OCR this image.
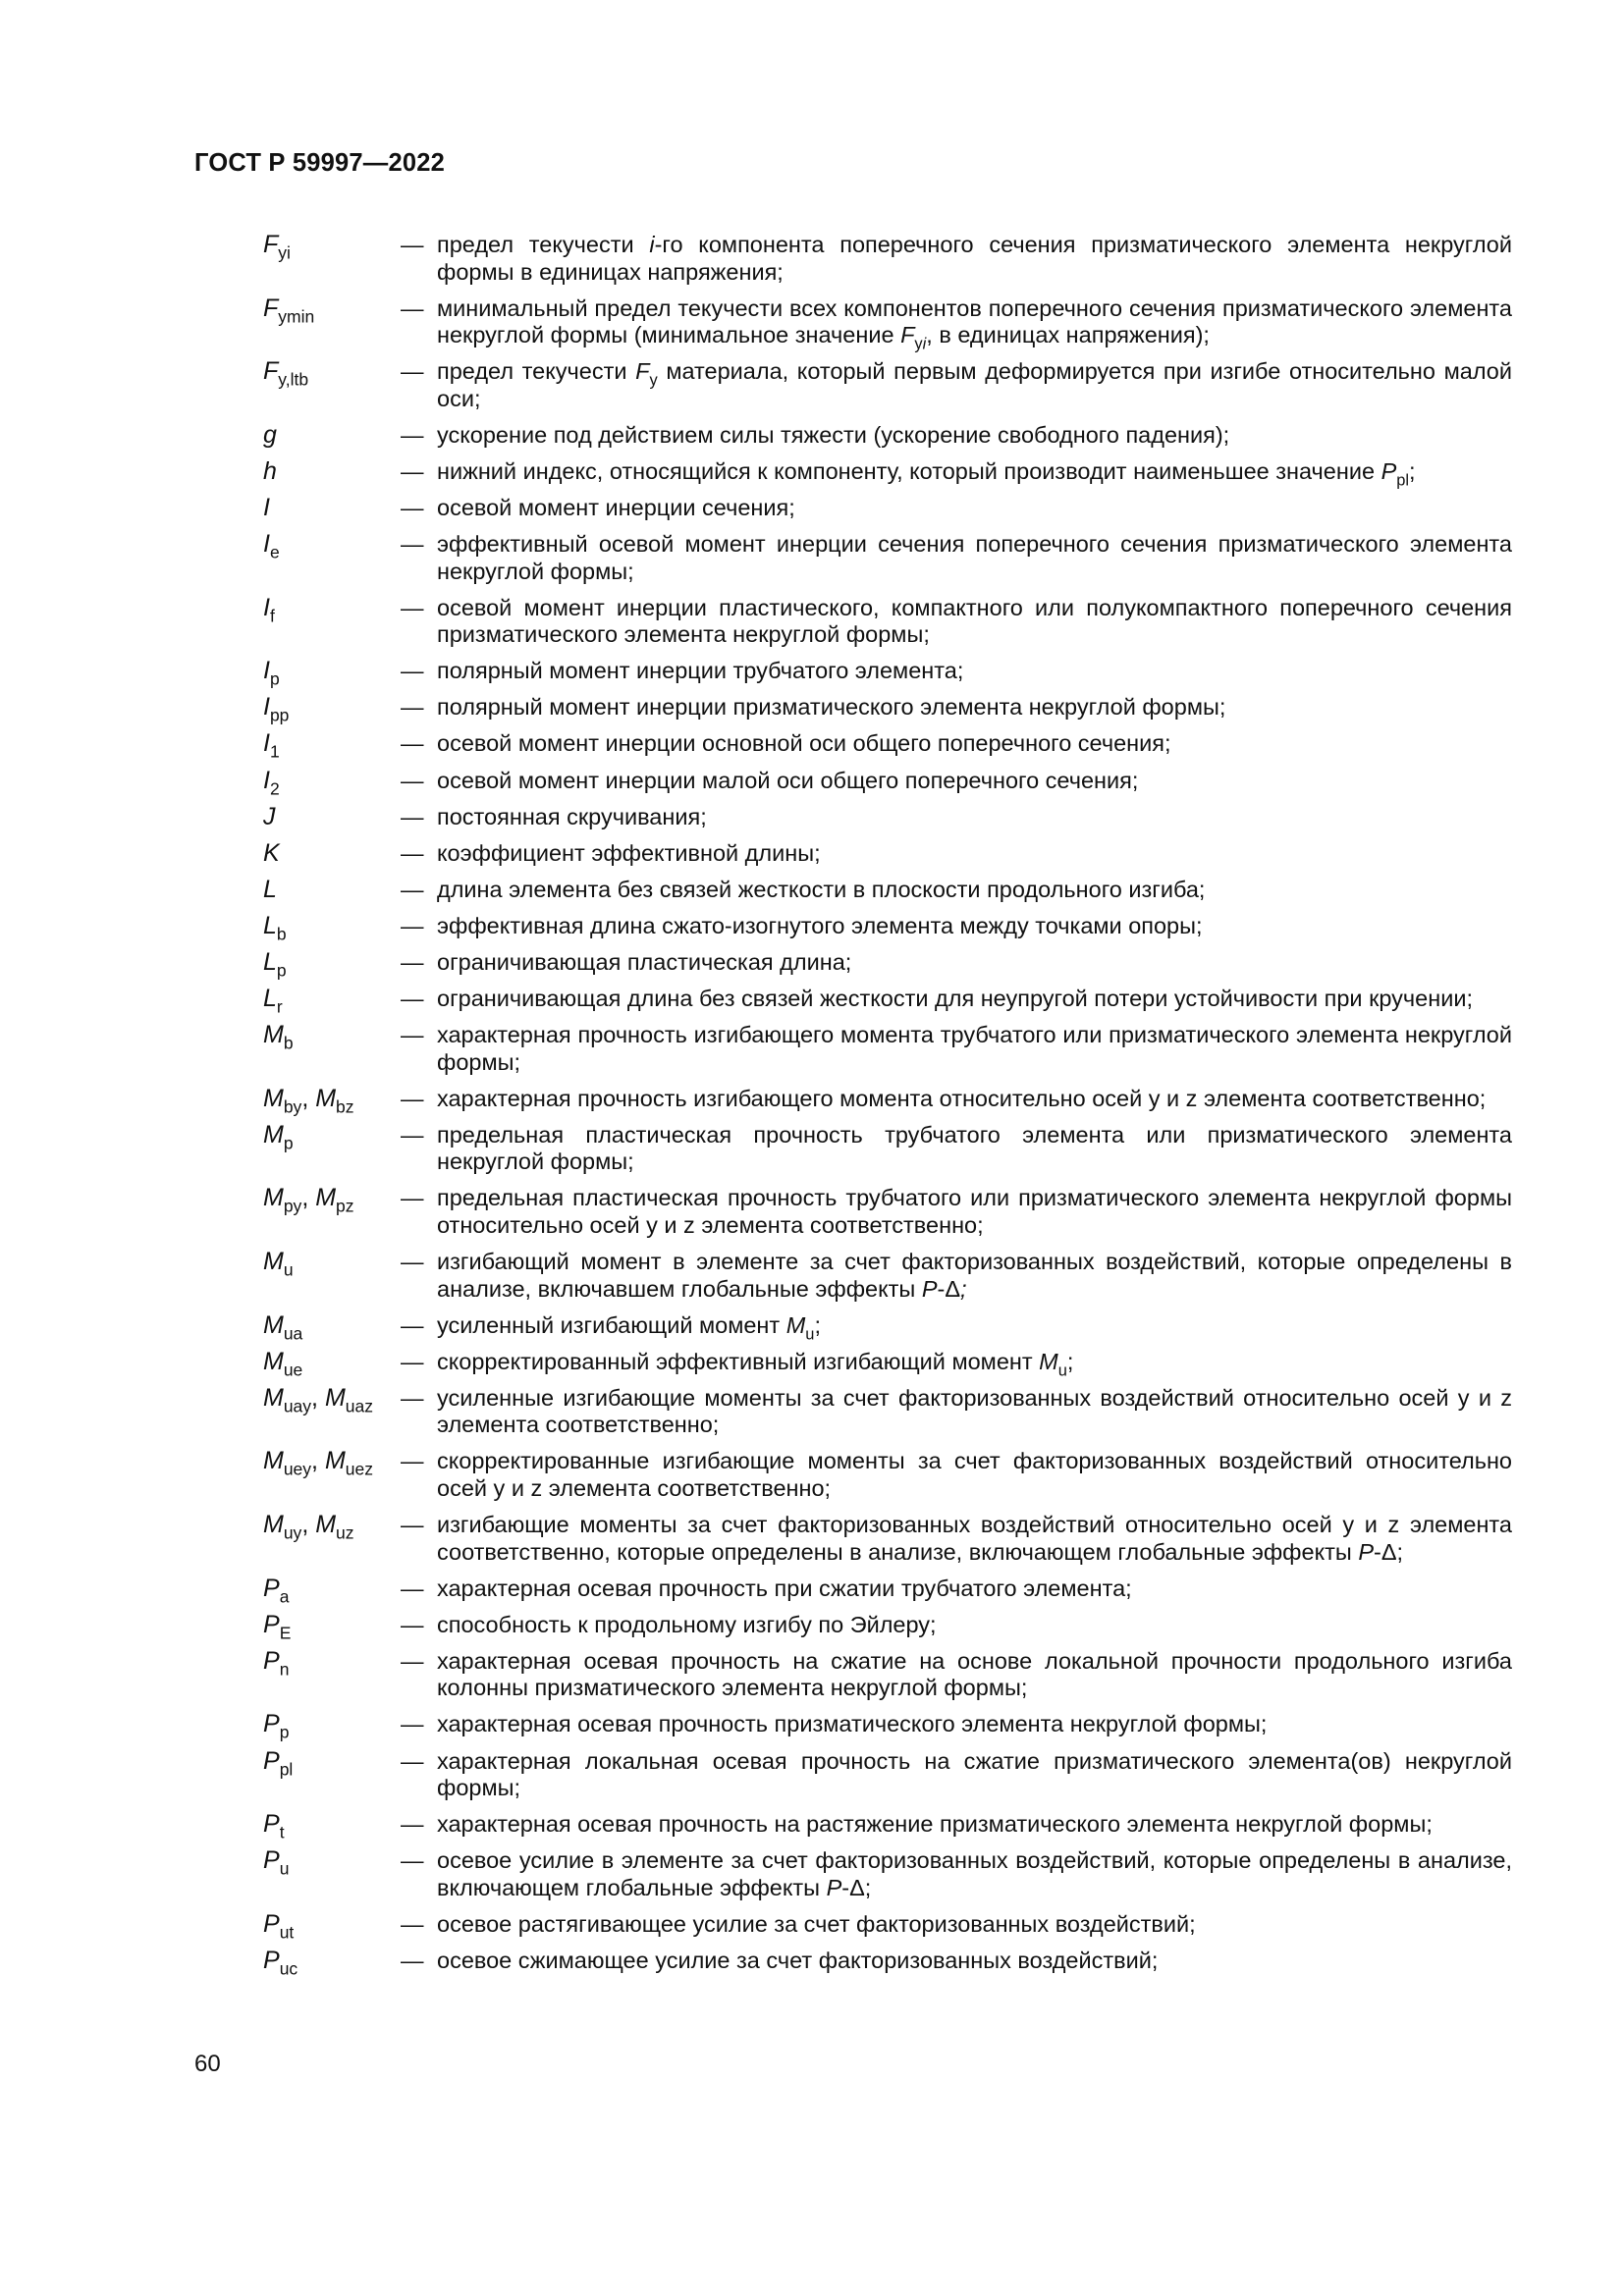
ГОСТ Р 59997—2022
$F_{yi}$	— предел текучести i-го компонента поперечного сечения призматического элемента некруглой формы в единицах напряжения;
$F_{ymin}$	— минимальный предел текучести всех компонентов поперечного сечения призматического элемента некруглой формы (минимальное значение $F_{yi}$, в единицах напряжения);
$F_{y,ltb}$	— предел текучести $F_y$ материала, который первым деформируется при изгибе относительно малой оси;
g	— ускорение под действием силы тяжести (ускорение свободного падения);
h	— нижний индекс, относящийся к компоненту, который производит наименьшее значение $P_{pl}$;
I	— осевой момент инерции сечения;
$I_e$	— эффективный осевой момент инерции сечения поперечного сечения призматического элемента некруглой формы;
$I_f$	— осевой момент инерции пластического, компактного или полукомпактного поперечного сечения призматического элемента некруглой формы;
$I_p$	— полярный момент инерции трубчатого элемента;
$I_{pp}$	— полярный момент инерции призматического элемента некруглой формы;
$I_1$	— осевой момент инерции основной оси общего поперечного сечения;
$I_2$	— осевой момент инерции малой оси общего поперечного сечения;
J	— постоянная скручивания;
K	— коэффициент эффективной длины;
L	— длина элемента без связей жесткости в плоскости продольного изгиба;
$L_b$	— эффективная длина сжато-изогнутого элемента между точками опоры;
$L_p$	— ограничивающая пластическая длина;
$L_r$	— ограничивающая длина без связей жесткости для неупругой потери устойчивости при кручении;
$M_b$	— характерная прочность изгибающего момента трубчатого или призматического элемента некруглой формы;
$M_{by}$, $M_{bz}$ — характерная прочность изгибающего момента относительно осей y и z элемента соответственно;
$M_p$	— предельная пластическая прочность трубчатого элемента или призматического элемента некруглой формы;
$M_{py}$, $M_{pz}$ — предельная пластическая прочность трубчатого или призматического элемента некруглой формы относительно осей y и z элемента соответственно;
$M_u$	— изгибающий момент в элементе за счет факторизованных воздействий, которые определены в анализе, включавшем глобальные эффекты P-Δ;
$M_{ua}$	— усиленный изгибающий момент $M_u$;
$M_{ue}$	— скорректированный эффективный изгибающий момент $M_u$;
$M_{uay}$, $M_{uaz}$ — усиленные изгибающие моменты за счет факторизованных воздействий относительно осей y и z элемента соответственно;
$M_{uey}$, $M_{uez}$ — скорректированные изгибающие моменты за счет факторизованных воздействий относительно осей y и z элемента соответственно;
$M_{uy}$, $M_{uz}$ — изгибающие моменты за счет факторизованных воздействий относительно осей y и z элемента соответственно, которые определены в анализе, включающем глобальные эффекты P-Δ;
$P_a$	— характерная осевая прочность при сжатии трубчатого элемента;
$P_E$	— способность к продольному изгибу по Эйлеру;
$P_n$	— характерная осевая прочность на сжатие на основе локальной прочности продольного изгиба колонны призматического элемента некруглой формы;
$P_p$	— характерная осевая прочность призматического элемента некруглой формы;
$P_{pl}$	— характерная локальная осевая прочность на сжатие призматического элемента(ов) некруглой формы;
$P_t$	— характерная осевая прочность на растяжение призматического элемента некруглой формы;
$P_u$	— осевое усилие в элементе за счет факторизованных воздействий, которые определены в анализе, включающем глобальные эффекты P-Δ;
$P_{ut}$	— осевое растягивающее усилие за счет факторизованных воздействий;
$P_{uc}$	— осевое сжимающее усилие за счет факторизованных воздействий;
60
